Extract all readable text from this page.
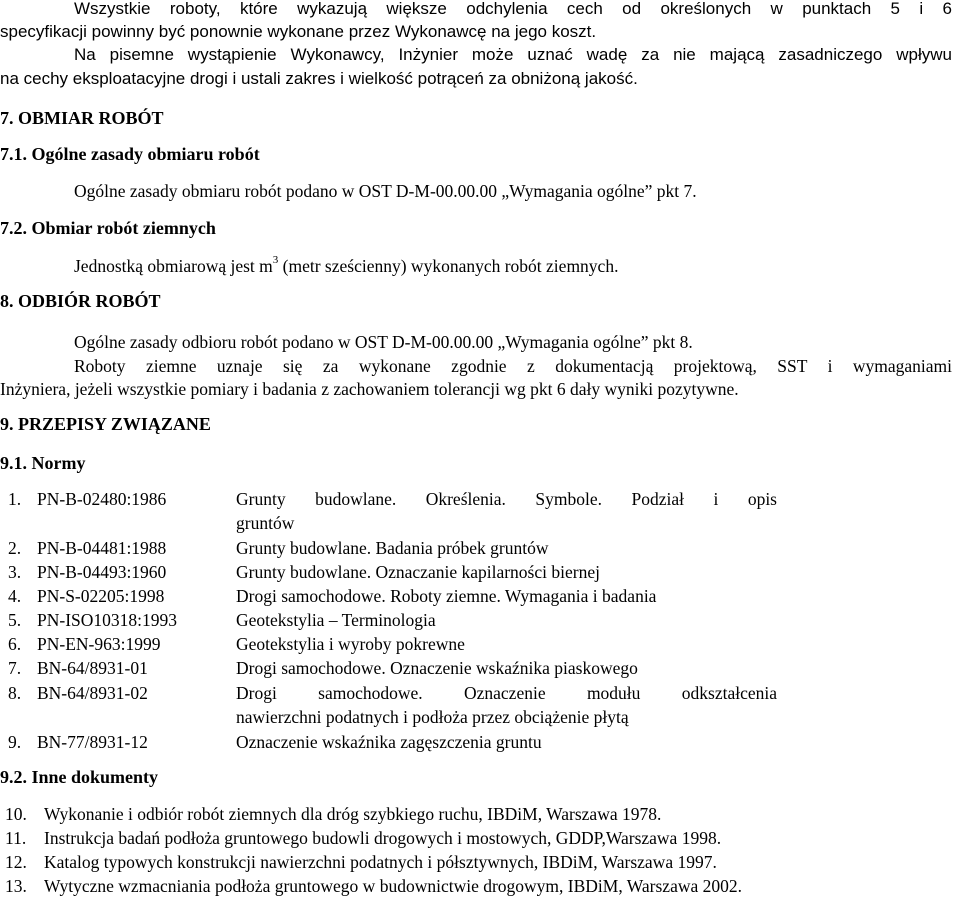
Wszystkie roboty, które wykazują większe odchylenia cech od określonych w punktach 5 i 6

specyfikacji powinny być ponownie wykonane przez Wykonawcę na jego koszt.

Na pisemne wystąpienie Wykonawcy, Inżynier może uznać wadę za nie mającą zasadniczego wpływu

na cechy eksploatacyjne drogi i ustali zakres i wielkość potrąceń za obniżoną jakość.

7. OBMIAR ROBÓT

7.1. Ogólne zasady obmiaru robót

Ogólne zasady obmiaru robót podano w OST D-M-00.00.00 „Wymagania ogólne” pkt 7.

7.2. Obmiar robót ziemnych

Jednostką obmiarową jest $m^3$ (metr sześcienny) wykonanych robót ziemnych.

8. ODBIÓR ROBÓT

Ogólne zasady odbioru robót podano w OST D-M-00.00.00 „Wymagania ogólne” pkt 8.

Roboty ziemne uznaje się za wykonane zgodnie z dokumentacją projektową, SST i wymaganiami

Inżyniera, jeżeli wszystkie pomiary i badania z zachowaniem tolerancji wg pkt 6 dały wyniki pozytywne.

9. PRZEPISY ZWIĄZANE

9.1. Normy

1. PN-B-02480:1986	Grunty budowlane. Określenia. Symbole. Podział i opis
gruntów
2. PN-B-04481:1988	Grunty budowlane. Badania próbek gruntów
3. PN-B-04493:1960	Grunty budowlane. Oznaczanie kapilarności biernej
4. PN-S-02205:1998	Drogi samochodowe. Roboty ziemne. Wymagania i badania
5. PN-ISO10318:1993	Geotekstylia – Terminologia
6. PN-EN-963:1999	Geotekstylia i wyroby pokrewne
7. BN-64/8931-01	Drogi samochodowe. Oznaczenie wskaźnika piaskowego
8. BN-64/8931-02	Drogi samochodowe. Oznaczenie modułu odkształcenia
nawierzchni podatnych i podłoża przez obciążenie płytą
9. BN-77/8931-12	Oznaczenie wskaźnika zagęszczenia gruntu

9.2. Inne dokumenty

10. Wykonanie i odbiór robót ziemnych dla dróg szybkiego ruchu, IBDiM, Warszawa 1978.
11. Instrukcja badań podłoża gruntowego budowli drogowych i mostowych, GDDP,Warszawa 1998.
12. Katalog typowych konstrukcji nawierzchni podatnych i półsztywnych, IBDiM, Warszawa 1997.
13. Wytyczne wzmacniania podłoża gruntowego w budownictwie drogowym, IBDiM, Warszawa 2002.
